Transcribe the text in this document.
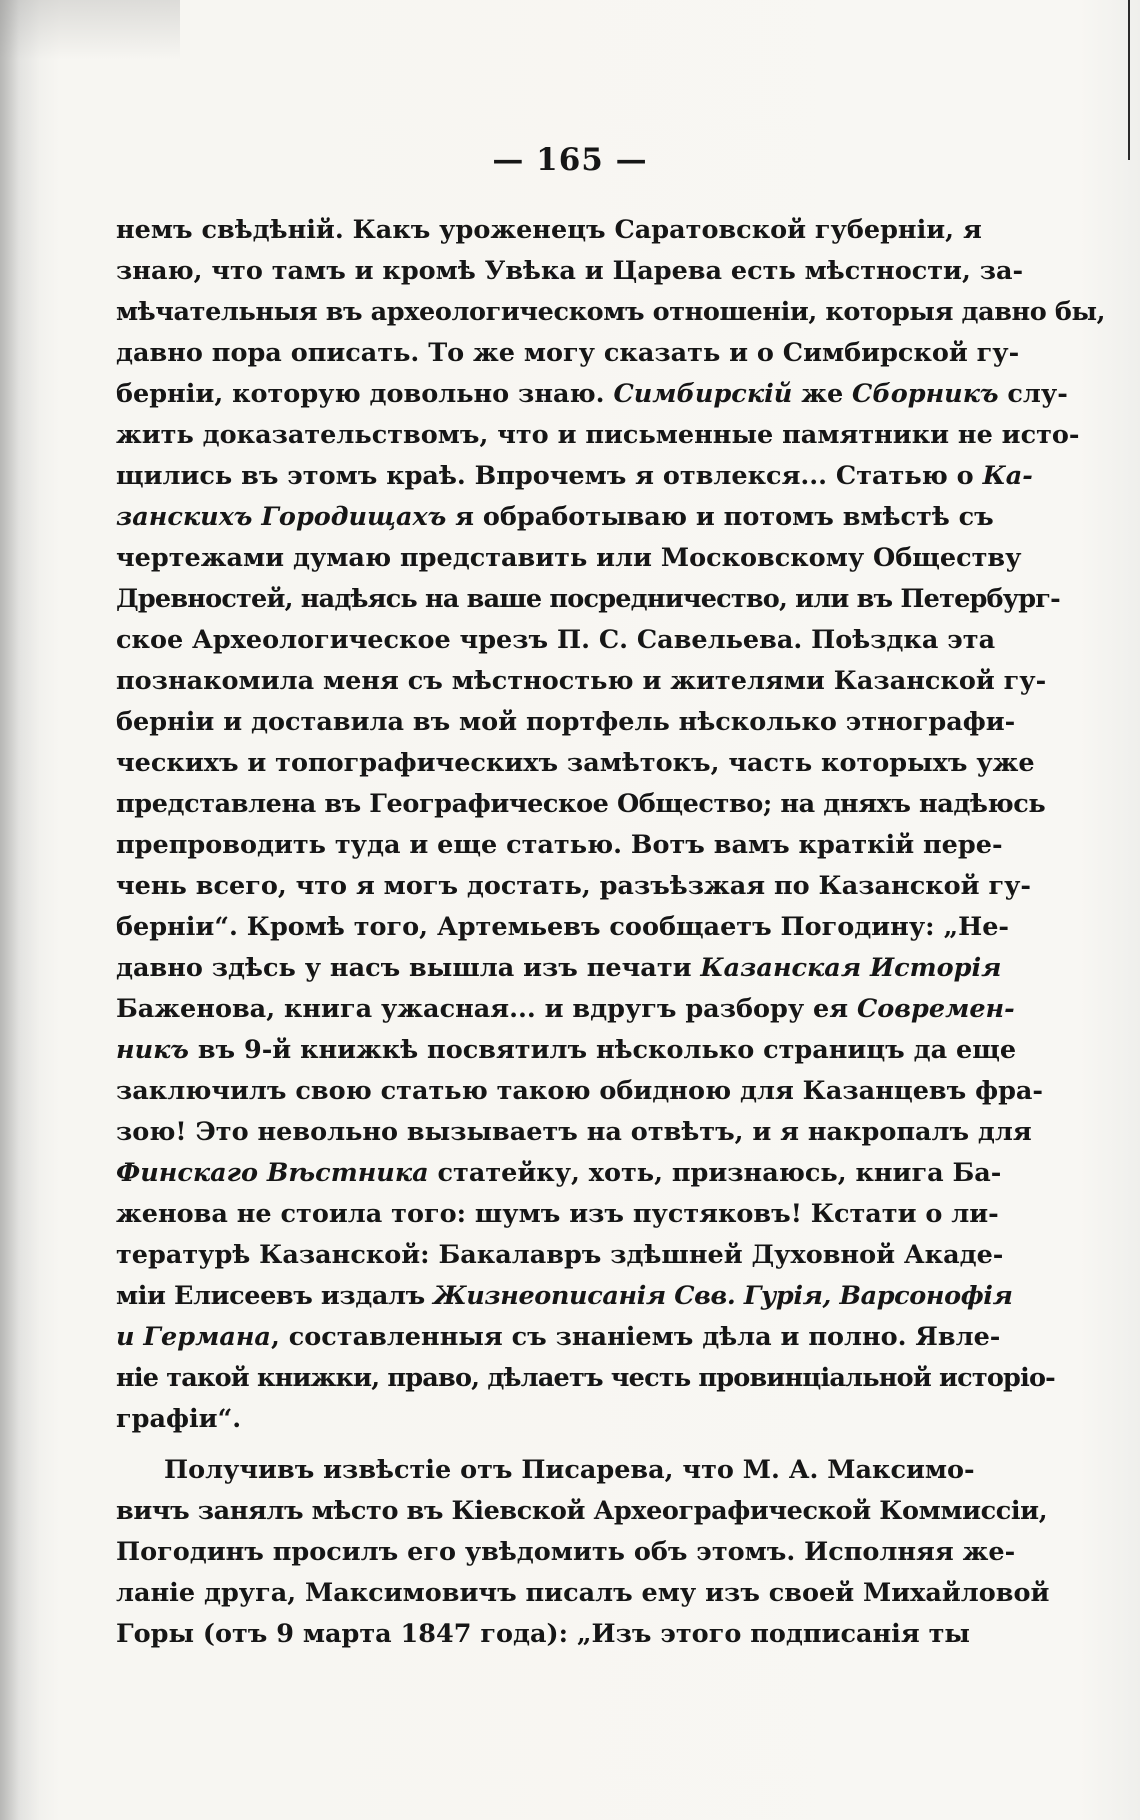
— 165 —
немъ свѣдѣній. Какъ уроженецъ Саратовской губерніи, я
знаю, что тамъ и кромѣ Увѣка и Царева есть мѣстности, за-
мѣчательныя въ археологическомъ отношеніи, которыя давно бы,
давно пора описать. То же могу сказать и о Симбирской гу-
берніи, которую довольно знаю. Симбирскій же Сборникъ слу-
жить доказательствомъ, что и письменные памятники не исто-
щились въ этомъ краѣ. Впрочемъ я отвлекся... Статью о Ка-
занскихъ Городищахъ я обработываю и потомъ вмѣстѣ съ
чертежами думаю представить или Московскому Обществу
Древностей, надѣясь на ваше посредничество, или въ Петербург-
ское Археологическое чрезъ П. С. Савельева. Поѣздка эта
познакомила меня съ мѣстностью и жителями Казанской гу-
берніи и доставила въ мой портфель нѣсколько этнографи-
ческихъ и топографическихъ замѣтокъ, часть которыхъ уже
представлена въ Географическое Общество; на дняхъ надѣюсь
препроводить туда и еще статью. Вотъ вамъ краткій пере-
чень всего, что я могъ достать, разъѣзжая по Казанской гу-
берніи“. Кромѣ того, Артемьевъ сообщаетъ Погодину: „Не-
давно здѣсь у насъ вышла изъ печати Казанская Исторія
Баженова, книга ужасная... и вдругъ разбору ея Современ-
никъ въ 9-й книжкѣ посвятилъ нѣсколько страницъ да еще
заключилъ свою статью такою обидною для Казанцевъ фра-
зою! Это невольно вызываетъ на отвѣтъ, и я накропалъ для
Финскаго Вѣстника статейку, хоть, признаюсь, книга Ба-
женова не стоила того: шумъ изъ пустяковъ! Кстати о ли-
тературѣ Казанской: Бакалавръ здѣшней Духовной Акаде-
міи Елисеевъ издалъ Жизнеописанія Свв. Гурія, Варсонофія
и Германа, составленныя съ знаніемъ дѣла и полно. Явле-
ніе такой книжки, право, дѣлаетъ честь провинціальной исторіо-
графіи“.
Получивъ извѣстіе отъ Писарева, что М. А. Максимо-
вичъ занялъ мѣсто въ Кіевской Археографической Коммиссіи,
Погодинъ просилъ его увѣдомить объ этомъ. Исполняя же-
ланіе друга, Максимовичъ писалъ ему изъ своей Михайловой
Горы (отъ 9 марта 1847 года): „Изъ этого подписанія ты
